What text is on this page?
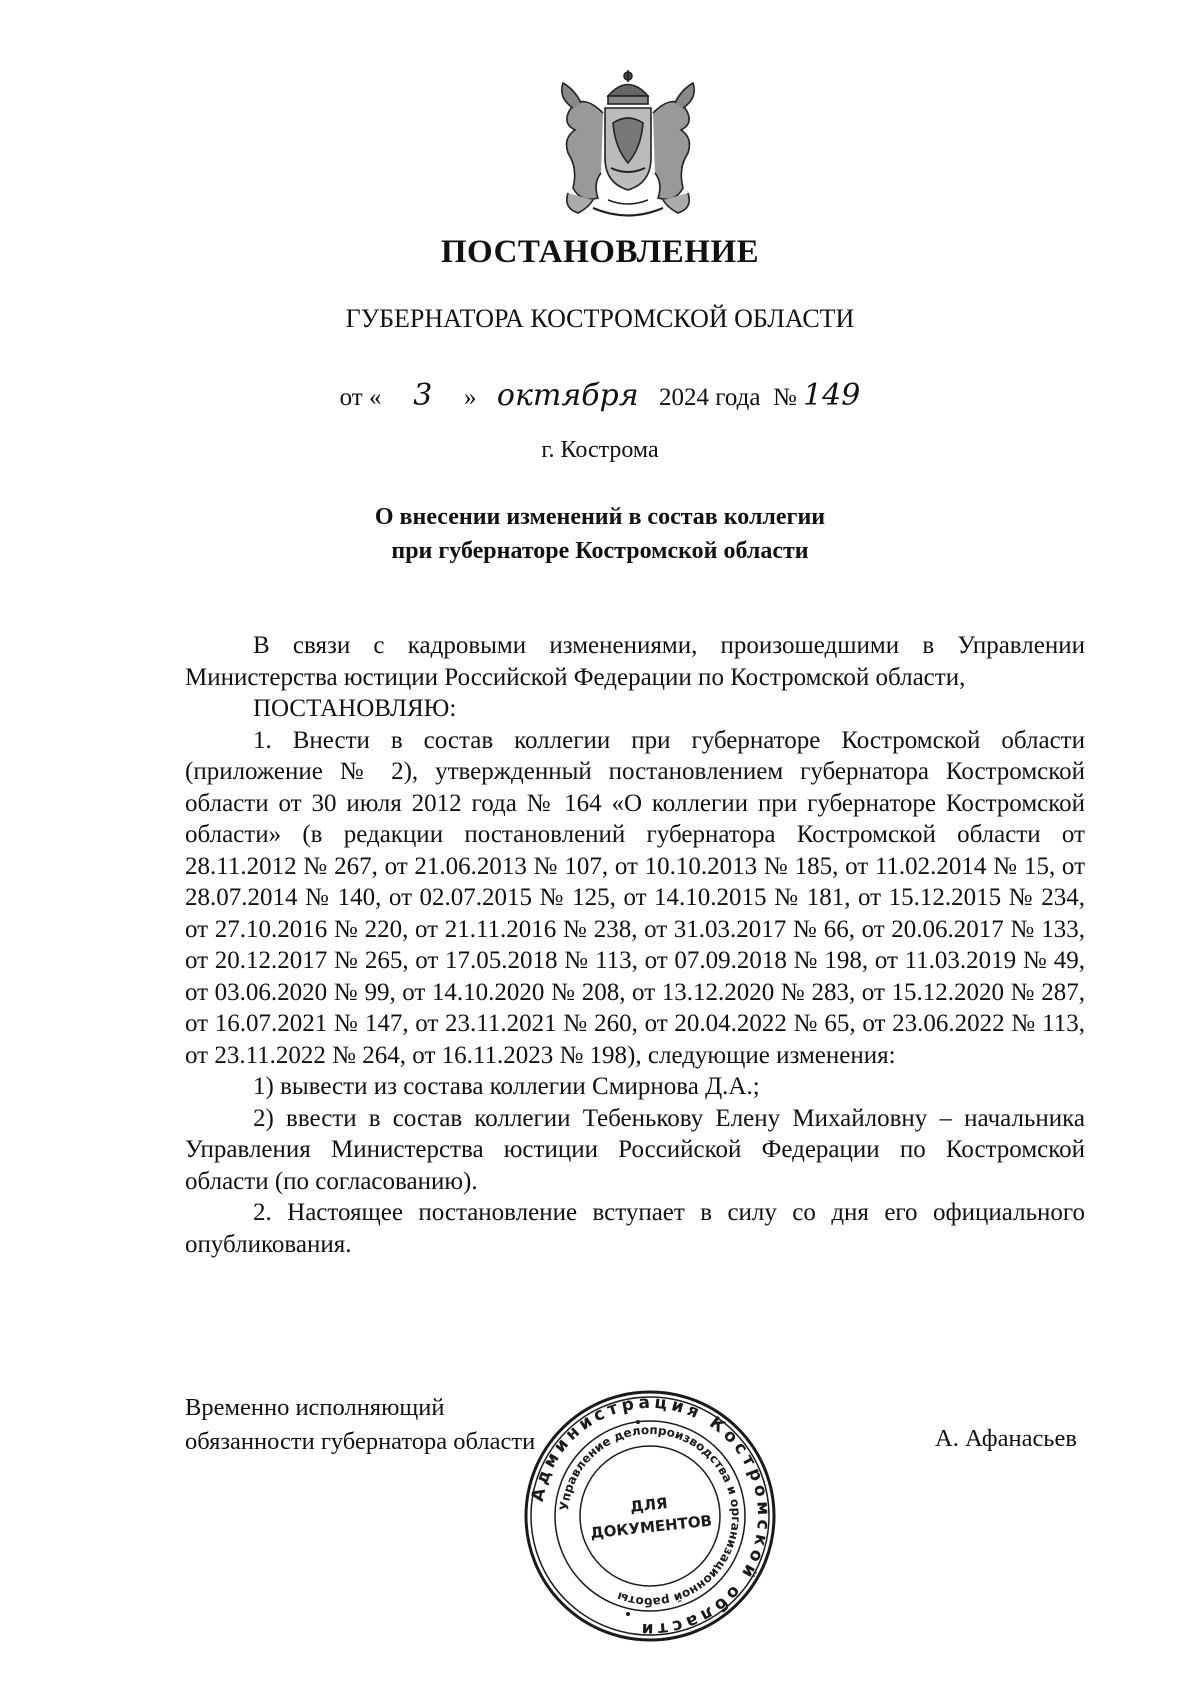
ПОСТАНОВЛЕНИЕ
ГУБЕРНАТОРА КОСТРОМСКОЙ ОБЛАСТИ
от « 3 » октября 2024 года № 149
г. Кострома
О внесении изменений в состав коллегии
при губернаторе Костромской области

В связи с кадровыми изменениями, произошедшими в Управлении Министерства юстиции Российской Федерации по Костромской области,

ПОСТАНОВЛЯЮ:

1. Внести в состав коллегии при губернаторе Костромской области (приложение № 2), утвержденный постановлением губернатора Костромской области от 30 июля 2012 года № 164 «О коллегии при губернаторе Костромской области» (в редакции постановлений губернатора Костромской области от 28.11.2012 № 267, от 21.06.2013 № 107, от 10.10.2013 № 185, от 11.02.2014 № 15, от 28.07.2014 № 140, от 02.07.2015 № 125, от 14.10.2015 № 181, от 15.12.2015 № 234, от 27.10.2016 № 220, от 21.11.2016 № 238, от 31.03.2017 № 66, от 20.06.2017 № 133, от 20.12.2017 № 265, от 17.05.2018 № 113, от 07.09.2018 № 198, от 11.03.2019 № 49, от 03.06.2020 № 99, от 14.10.2020 № 208, от 13.12.2020 № 283, от 15.12.2020 № 287, от 16.07.2021 № 147, от 23.11.2021 № 260, от 20.04.2022 № 65, от 23.06.2022 № 113, от 23.11.2022 № 264, от 16.11.2023 № 198), следующие изменения:

1) вывести из состава коллегии Смирнова Д.А.;

2) ввести в состав коллегии Тебенькову Елену Михайловну – начальника Управления Министерства юстиции Российской Федерации по Костромской области (по согласованию).

2. Настоящее постановление вступает в силу со дня его официального опубликования.

Временно исполняющий
обязанности губернатора области	А. Афанасьев
Администрация Костромской области
Управление делопроизводства и организационной работы
ДЛЯ
ДОКУМЕНТОВ
